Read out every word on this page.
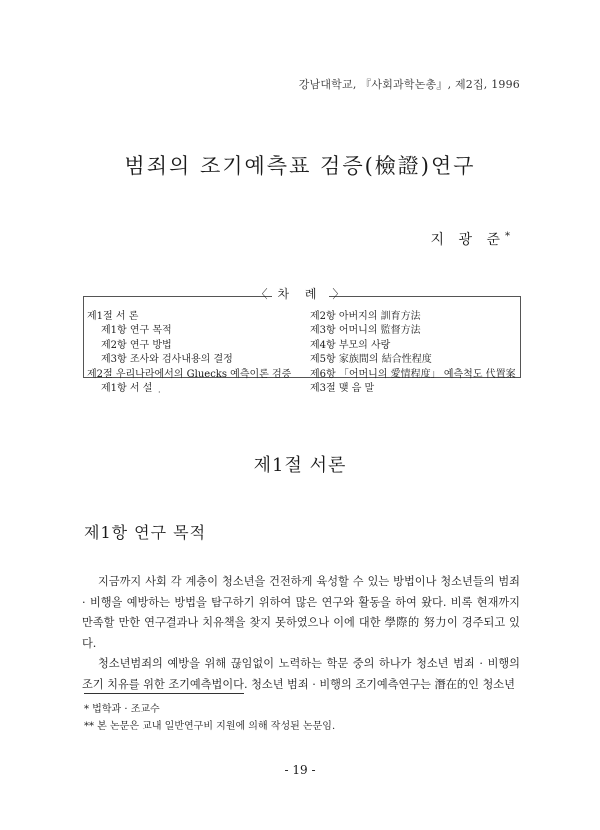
강남대학교, 『사회과학논총』, 제2집, 1996
범죄의 조기예측표 검증(檢證)연구
지 광 준*
〈 차 례 〉
제1절 서 론
제1항 연구 목적
제2항 연구 방법
제3항 조사와 검사내용의 결정
제2절 우리나라에서의 Gluecks 예측이론 검증
제1항 서 설
제2항 아버지의 訓育方法
제3항 어머니의 監督方法
제4항 부모의 사랑
제5항 家族間의 結合性程度
제6항 「어머니의 愛情程度」 예측척도 代置案
제3절 맺 음 말
·
제1절 서론
제1항 연구 목적

지금까지 사회 각 계층이 청소년을 건전하게 육성할 수 있는 방법이나 청소년들의 범죄 · 비행을 예방하는 방법을 탐구하기 위하여 많은 연구와 활동을 하여 왔다. 비록 현재까지 만족할 만한 연구결과나 치유책을 찾지 못하였으나 이에 대한 學際的 努力이 경주되고 있다.

청소년범죄의 예방을 위해 끊임없이 노력하는 학문 중의 하나가 청소년 범죄 · 비행의 조기 치유를 위한 조기예측법이다. 청소년 범죄 · 비행의 조기예측연구는 潛在的인 청소년

* 법학과 · 조교수
** 본 논문은 교내 일반연구비 지원에 의해 작성된 논문임.
- 19 -
